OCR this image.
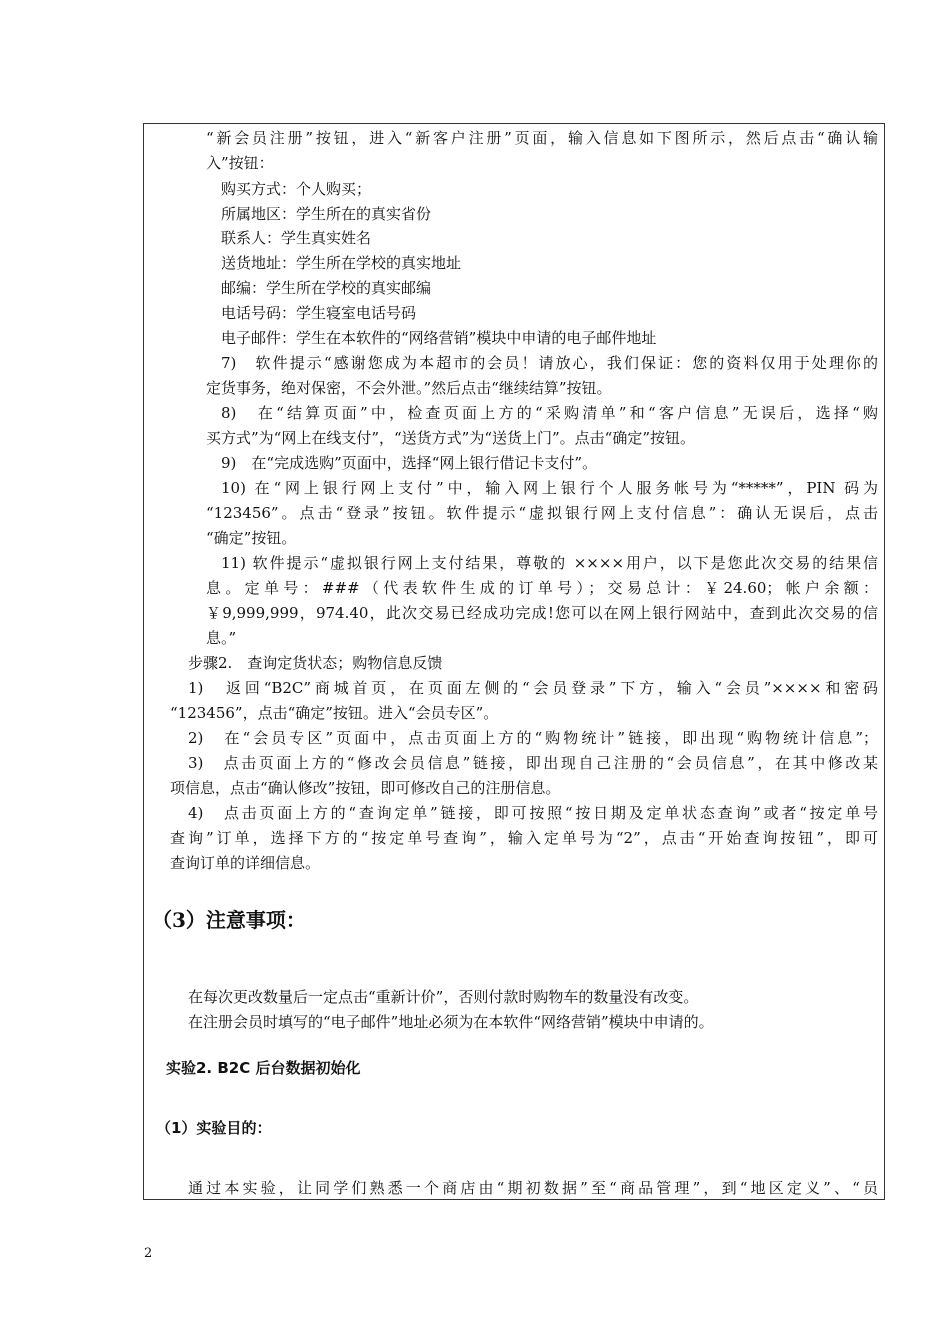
“新会员注册”按钮，进入“新客户注册”页面，输入信息如下图所示，然后点击“确认输
入”按钮：
购买方式：个人购买；
所属地区：学生所在的真实省份
联系人：学生真实姓名
送货地址：学生所在学校的真实地址
邮编：学生所在学校的真实邮编
电话号码：学生寝室电话号码
电子邮件：学生在本软件的“网络营销”模块中申请的电子邮件地址
7)　软件提示“感谢您成为本超市的会员！请放心，我们保证：您的资料仅用于处理你的
定货事务，绝对保密，不会外泄。”然后点击“继续结算”按钮。
8)　在“结算页面”中，检查页面上方的“采购清单”和“客户信息”无误后，选择“购
买方式”为“网上在线支付”，“送货方式”为“送货上门”。点击“确定”按钮。
9)　在“完成选购”页面中，选择“网上银行借记卡支付”。
10) 在“网上银行网上支付”中，输入网上银行个人服务帐号为“*****”，PIN 码为
“123456”。点击“登录”按钮。软件提示“虚拟银行网上支付信息”：确认无误后，点击
“确定”按钮。
11) 软件提示“虚拟银行网上支付结果，尊敬的 ××××用户，以下是您此次交易的结果信
息。定单号：###（代表软件生成的订单号）；交易总计：￥24.60；帐户余额：
￥9,999,999，974.40，此次交易已经成功完成!您可以在网上银行网站中，查到此次交易的信
息。”
步骤2.　查询定货状态；购物信息反馈
1)　返回“B2C”商城首页，在页面左侧的“会员登录”下方，输入“会员”××××和密码
“123456”，点击“确定”按钮。进入“会员专区”。
2)　在“会员专区”页面中，点击页面上方的“购物统计”链接，即出现“购物统计信息”；
3)　点击页面上方的“修改会员信息”链接，即出现自己注册的“会员信息”，在其中修改某
项信息，点击“确认修改”按钮，即可修改自己的注册信息。
4)　点击页面上方的“查询定单”链接，即可按照“按日期及定单状态查询”或者“按定单号
查询”订单，选择下方的“按定单号查询”，输入定单号为“2”，点击“开始查询按钮”，即可
查询订单的详细信息。
（3）注意事项：
在每次更改数量后一定点击“重新计价”，否则付款时购物车的数量没有改变。
在注册会员时填写的“电子邮件”地址必须为在本软件“网络营销”模块中申请的。
实验2. B2C 后台数据初始化
（1）实验目的：
通过本实验，让同学们熟悉一个商店由“期初数据”至“商品管理”，到“地区定义”、“员
2
